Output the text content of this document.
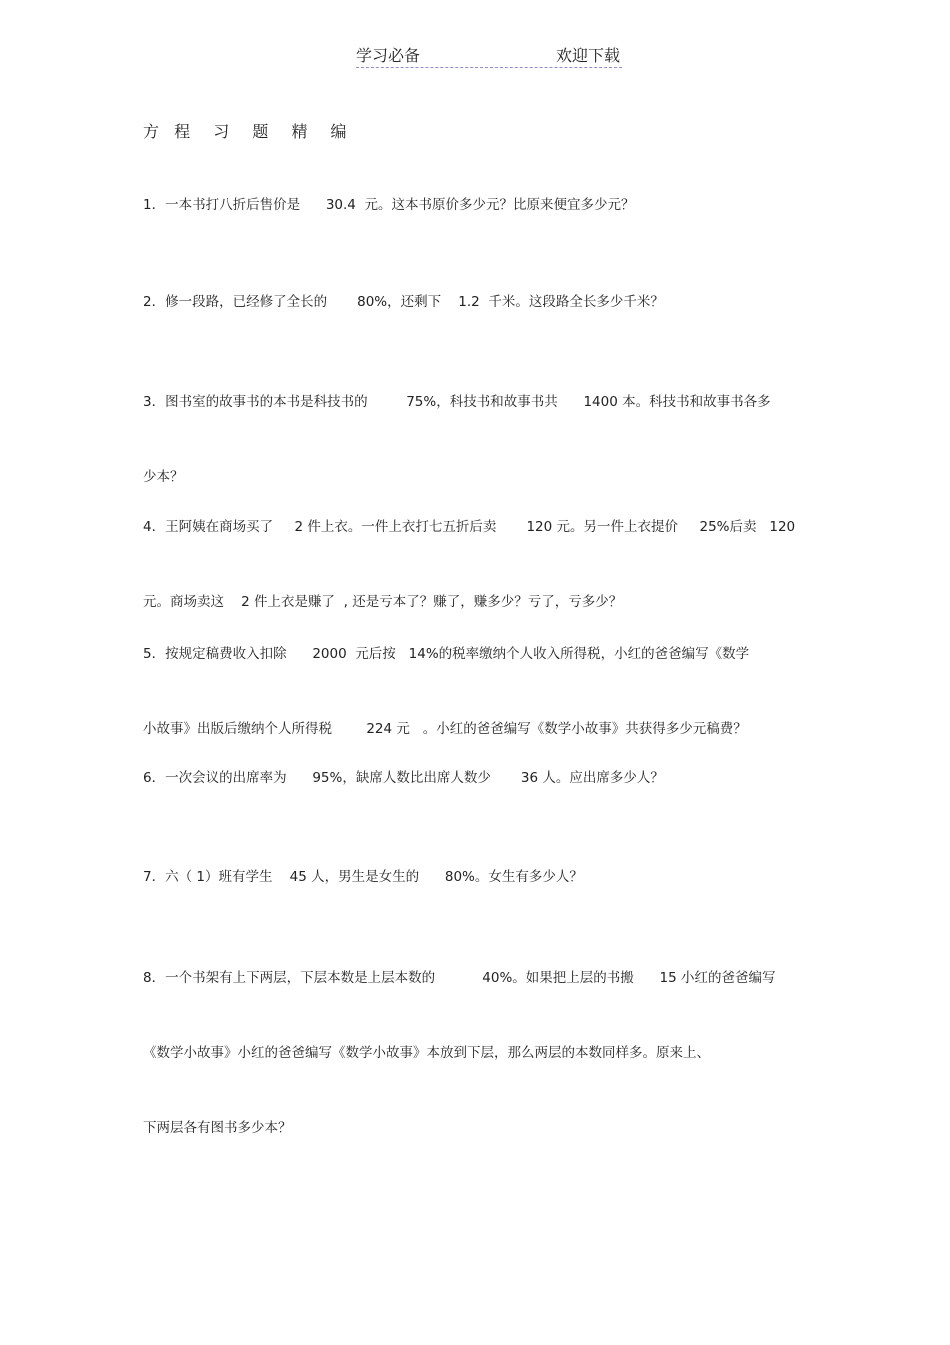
学习必备	欢迎下载
方 程 习 题 精 编

1．一本书打八折后售价是      30.4  元。这本书原价多少元？比原来便宜多少元？

2．修一段路，已经修了全长的       80%，还剩下    1.2  千米。这段路全长多少千米？

3．图书室的故事书的本书是科技书的         75%，科技书和故事书共      1400 本。科技书和故事书各多

少本？

4．王阿姨在商场买了     2 件上衣。一件上衣打七五折后卖       120 元。另一件上衣提价     25%后卖   120

元。商场卖这    2 件上衣是赚了  , 还是亏本了？赚了，赚多少？亏了，亏多少？

5．按规定稿费收入扣除      2000  元后按   14%的税率缴纳个人收入所得税，小红的爸爸编写《数学

小故事》出版后缴纳个人所得税        224 元   。小红的爸爸编写《数学小故事》共获得多少元稿费？

6．一次会议的出席率为      95%，缺席人数比出席人数少       36 人。应出席多少人？

7．六（ 1）班有学生    45 人，男生是女生的      80%。女生有多少人？

8．一个书架有上下两层，下层本数是上层本数的           40%。如果把上层的书搬      15 小红的爸爸编写

《数学小故事》小红的爸爸编写《数学小故事》本放到下层，那么两层的本数同样多。原来上、

下两层各有图书多少本？
